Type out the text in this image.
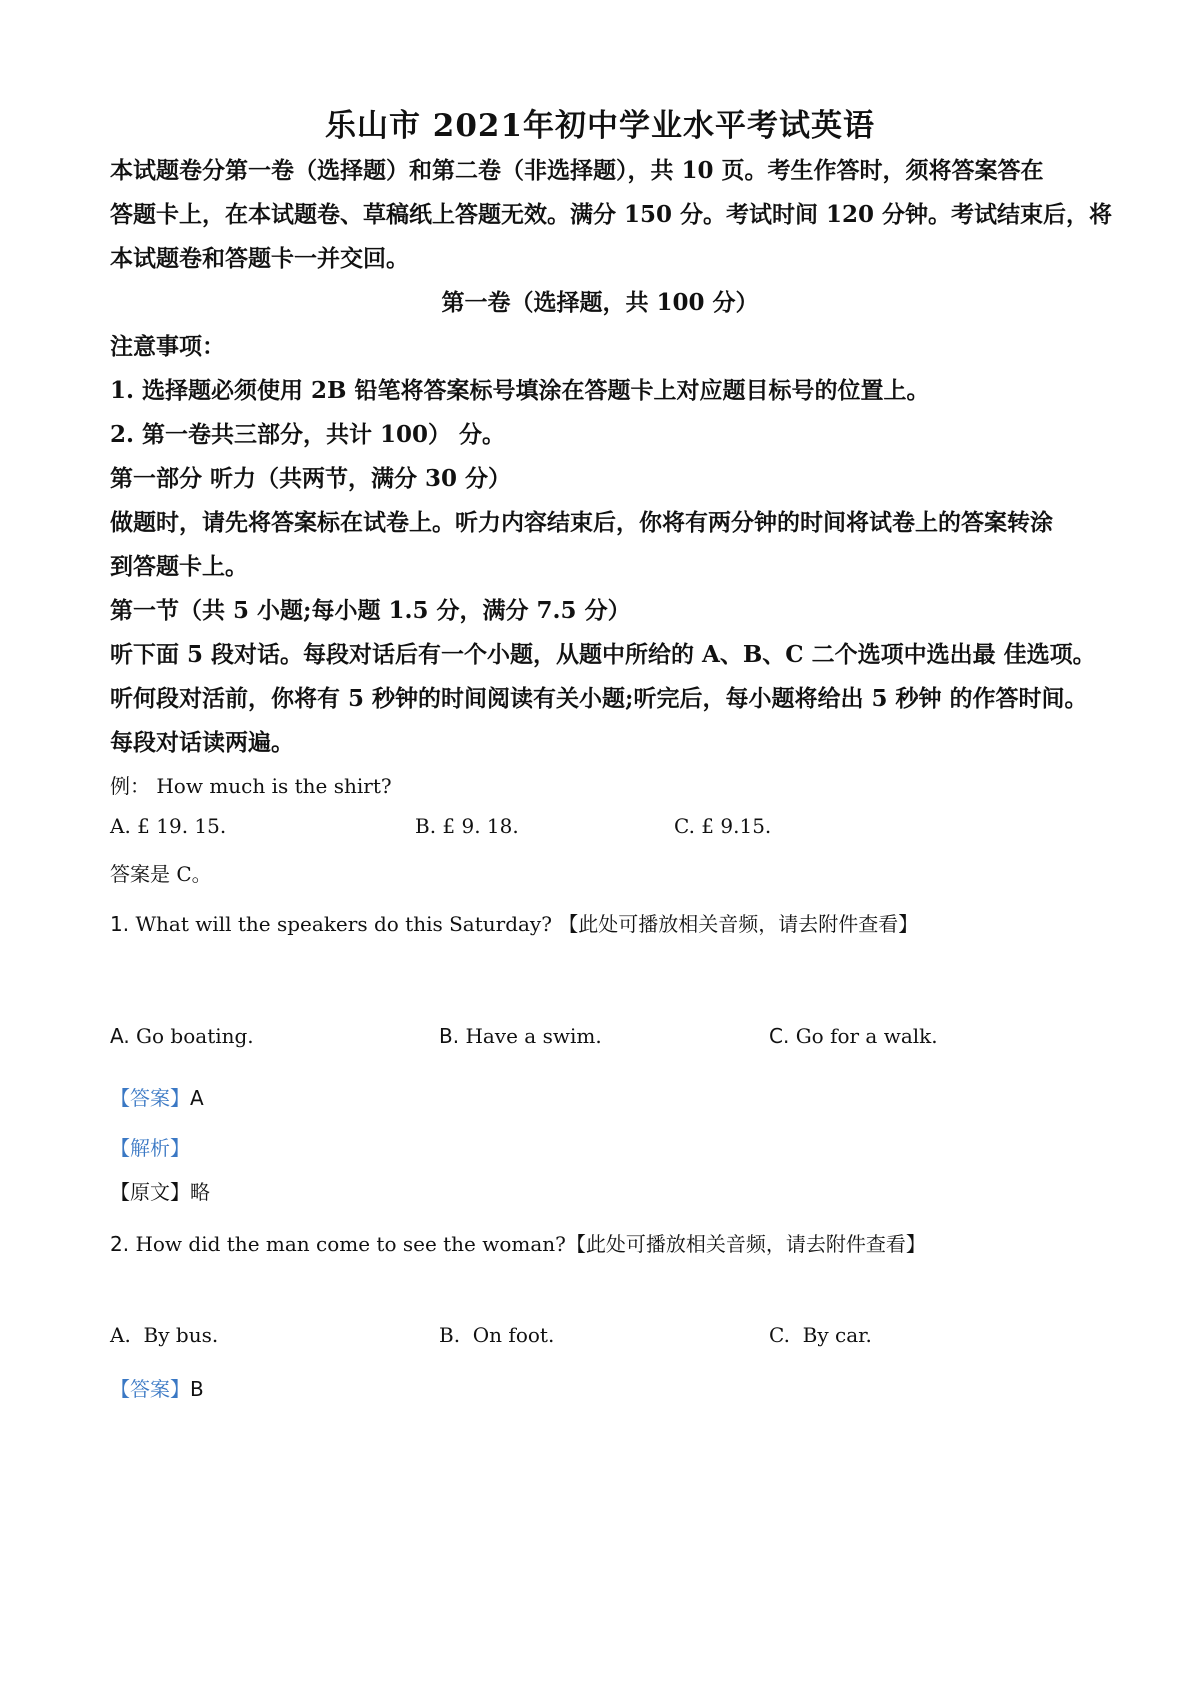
乐山市 2021年初中学业水平考试英语
本试题卷分第一卷（选择题）和第二卷（非选择题），共 10 页。考生作答时，须将答案答在
答题卡上，在本试题卷、草稿纸上答题无效。满分 150 分。考试时间 120 分钟。考试结束后，将
本试题卷和答题卡一并交回。
第一卷（选择题，共 100 分）
注意事项：
1. 选择题必须使用 2B 铅笔将答案标号填涂在答题卡上对应题目标号的位置上。
2. 第一卷共三部分，共计 100） 分。
第一部分 听力（共两节，满分 30 分）
做题时，请先将答案标在试卷上。听力内容结束后，你将有两分钟的时间将试卷上的答案转涂
到答题卡上。
第一节（共 5 小题;每小题 1.5 分，满分 7.5 分）
听下面 5 段对话。每段对话后有一个小题，从题中所给的 A、B、C 二个选项中选出最 佳选项。
听何段对活前，你将有 5 秒钟的时间阅读有关小题;听完后，每小题将给出 5 秒钟 的作答时间。
每段对话读两遍。
例： How much is the shirt?
A. £ 19. 15.	B. £ 9. 18.	C. £ 9.15.
答案是 C。
1. What will the speakers do this Saturday? 【此处可播放相关音频，请去附件查看】
A. Go boating.	B. Have a swim.	C. Go for a walk.
【答案】A
【解析】
【原文】略
2. How did the man come to see the woman?【此处可播放相关音频，请去附件查看】
A. By bus.	B. On foot.	C. By car.
【答案】B
